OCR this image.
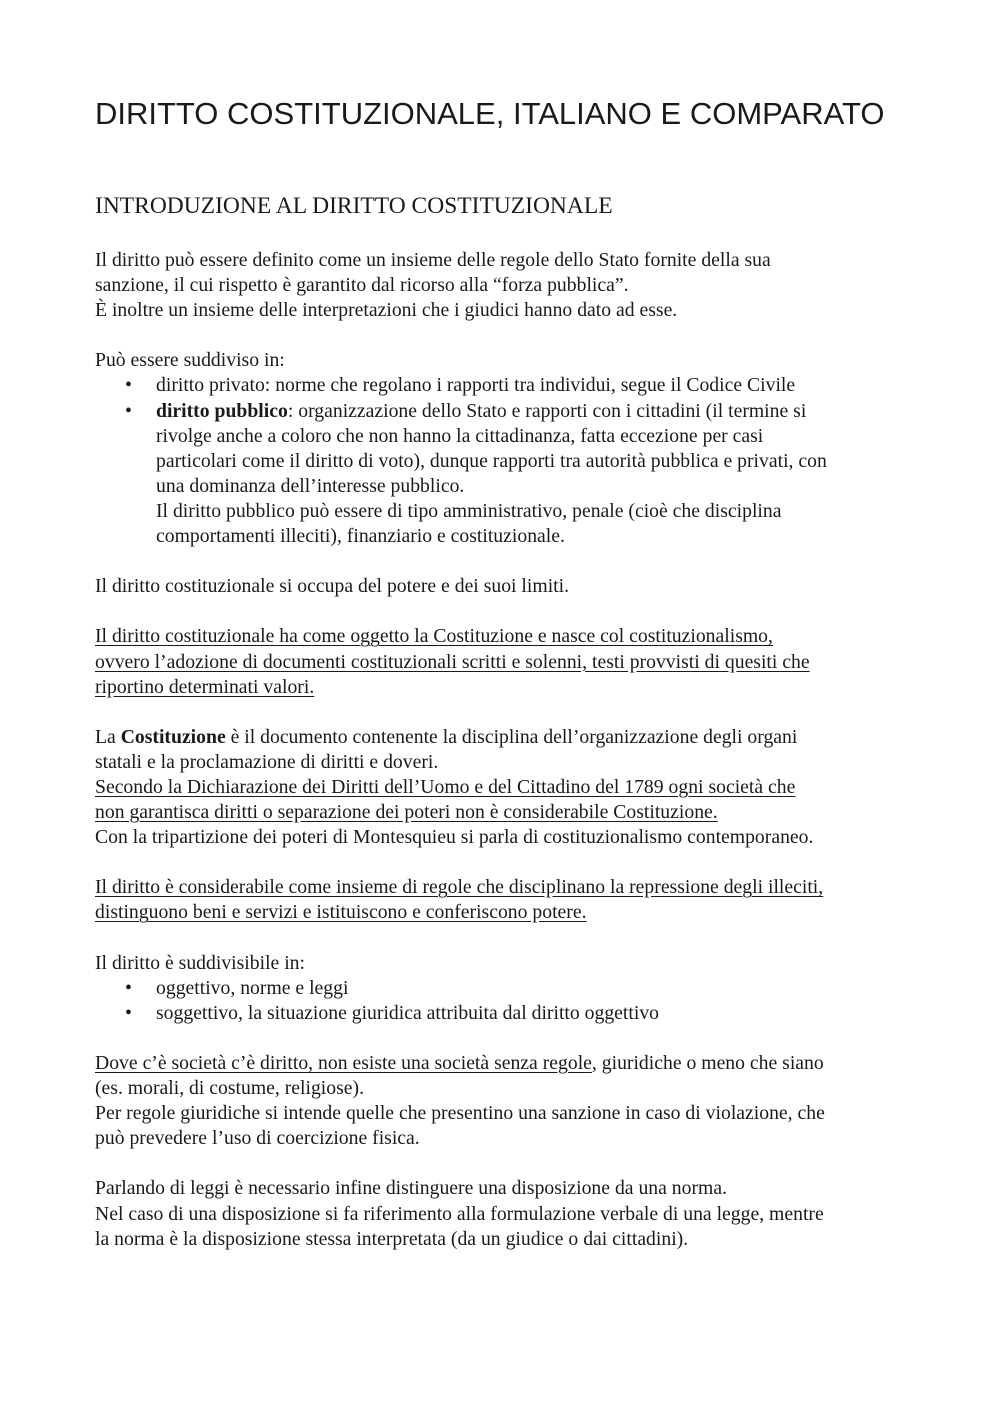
DIRITTO COSTITUZIONALE, ITALIANO E COMPARATO
INTRODUZIONE AL DIRITTO COSTITUZIONALE

Il diritto può essere definito come un insieme delle regole dello Stato fornite della sua
sanzione, il cui rispetto è garantito dal ricorso alla “forza pubblica”.
È inoltre un insieme delle interpretazioni che i giudici hanno dato ad esse.

Può essere suddiviso in:

• diritto privato: norme che regolano i rapporti tra individui, segue il Codice Civile
• diritto pubblico: organizzazione dello Stato e rapporti con i cittadini (il termine si
rivolge anche a coloro che non hanno la cittadinanza, fatta eccezione per casi
particolari come il diritto di voto), dunque rapporti tra autorità pubblica e privati, con
una dominanza dell’interesse pubblico.
Il diritto pubblico può essere di tipo amministrativo, penale (cioè che disciplina
comportamenti illeciti), finanziario e costituzionale.

Il diritto costituzionale si occupa del potere e dei suoi limiti.

Il diritto costituzionale ha come oggetto la Costituzione e nasce col costituzionalismo,
ovvero l’adozione di documenti costituzionali scritti e solenni, testi provvisti di quesiti che
riportino determinati valori.

La Costituzione è il documento contenente la disciplina dell’organizzazione degli organi
statali e la proclamazione di diritti e doveri.
Secondo la Dichiarazione dei Diritti dell’Uomo e del Cittadino del 1789 ogni società che
non garantisca diritti o separazione dei poteri non è considerabile Costituzione.
Con la tripartizione dei poteri di Montesquieu si parla di costituzionalismo contemporaneo.

Il diritto è considerabile come insieme di regole che disciplinano la repressione degli illeciti,
distinguono beni e servizi e istituiscono e conferiscono potere.

Il diritto è suddivisibile in:

• oggettivo, norme e leggi
• soggettivo, la situazione giuridica attribuita dal diritto oggettivo

Dove c’è società c’è diritto, non esiste una società senza regole, giuridiche o meno che siano
(es. morali, di costume, religiose).
Per regole giuridiche si intende quelle che presentino una sanzione in caso di violazione, che
può prevedere l’uso di coercizione fisica.

Parlando di leggi è necessario infine distinguere una disposizione da una norma.
Nel caso di una disposizione si fa riferimento alla formulazione verbale di una legge, mentre
la norma è la disposizione stessa interpretata (da un giudice o dai cittadini).
